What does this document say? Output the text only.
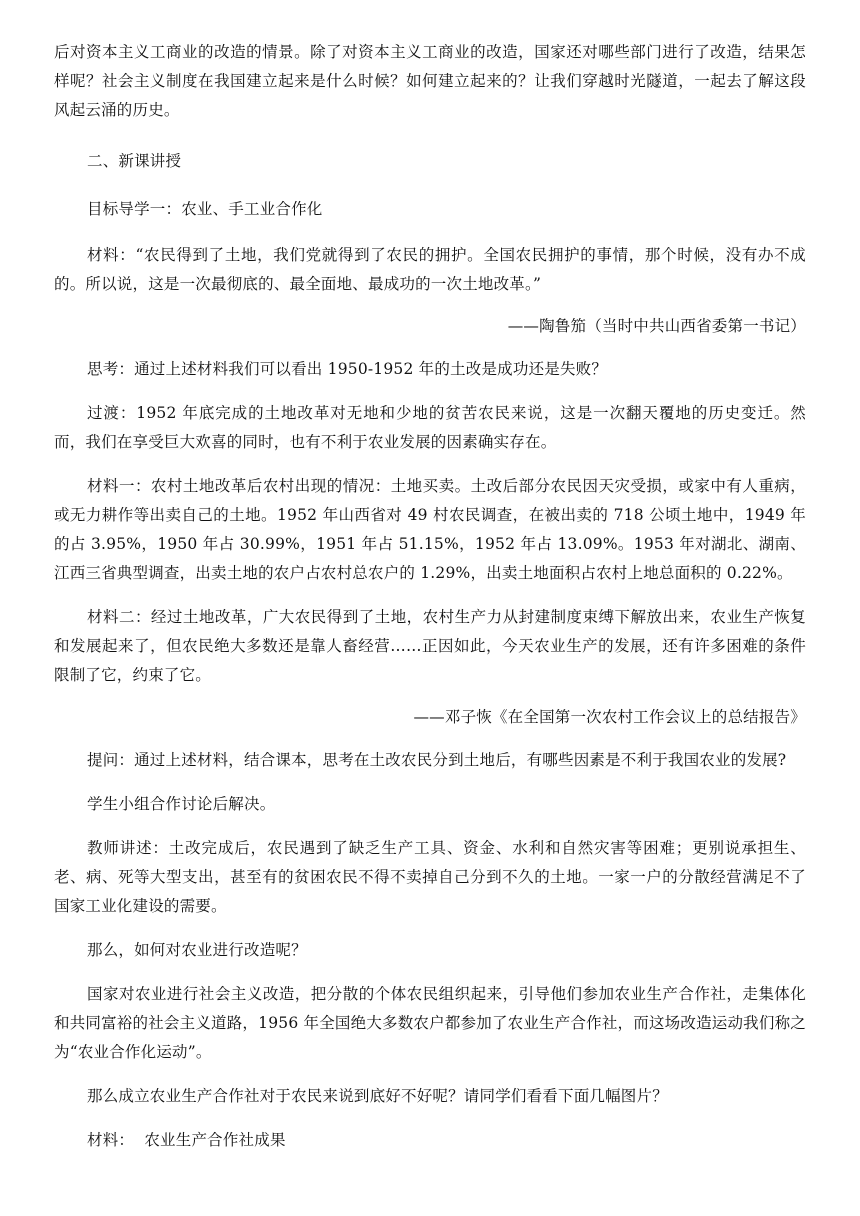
后对资本主义工商业的改造的情景。除了对资本主义工商业的改造，国家还对哪些部门进行了改造，结果怎样呢？社会主义制度在我国建立起来是什么时候？如何建立起来的？让我们穿越时光隧道，一起去了解这段风起云涌的历史。

二、新课讲授

目标导学一：农业、手工业合作化

材料：“农民得到了土地，我们党就得到了农民的拥护。全国农民拥护的事情，那个时候，没有办不成的。所以说，这是一次最彻底的、最全面地、最成功的一次土地改革。”

——陶鲁笳（当时中共山西省委第一书记）

思考：通过上述材料我们可以看出 1950-1952 年的土改是成功还是失败？

过渡：1952 年底完成的土地改革对无地和少地的贫苦农民来说，这是一次翻天覆地的历史变迁。然而，我们在享受巨大欢喜的同时，也有不利于农业发展的因素确实存在。

材料一：农村土地改革后农村出现的情况：土地买卖。土改后部分农民因天灾受损，或家中有人重病，或无力耕作等出卖自己的土地。1952 年山西省对 49 村农民调查，在被出卖的 718 公顷土地中，1949 年的占 3.95%，1950 年占 30.99%，1951 年占 51.15%，1952 年占 13.09%。1953 年对湖北、湖南、江西三省典型调查，出卖土地的农户占农村总农户的 1.29%，出卖土地面积占农村上地总面积的 0.22%。

材料二：经过土地改革，广大农民得到了土地，农村生产力从封建制度束缚下解放出来，农业生产恢复和发展起来了，但农民绝大多数还是靠人畜经营……正因如此，今天农业生产的发展，还有许多困难的条件限制了它，约束了它。

——邓子恢《在全国第一次农村工作会议上的总结报告》

提问：通过上述材料，结合课本，思考在土改农民分到土地后，有哪些因素是不利于我国农业的发展?

学生小组合作讨论后解决。

教师讲述：土改完成后，农民遇到了缺乏生产工具、资金、水利和自然灾害等困难；更别说承担生、老、病、死等大型支出，甚至有的贫困农民不得不卖掉自己分到不久的土地。一家一户的分散经营满足不了国家工业化建设的需要。

那么，如何对农业进行改造呢？

国家对农业进行社会主义改造，把分散的个体农民组织起来，引导他们参加农业生产合作社，走集体化和共同富裕的社会主义道路，1956 年全国绝大多数农户都参加了农业生产合作社，而这场改造运动我们称之为“农业合作化运动”。

那么成立农业生产合作社对于农民来说到底好不好呢？请同学们看看下面几幅图片？

材料：  农业生产合作社成果
